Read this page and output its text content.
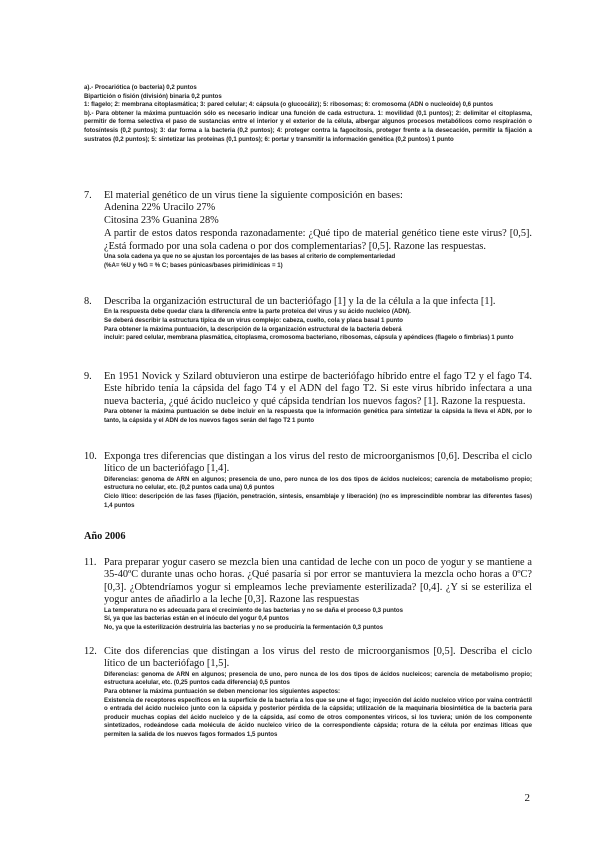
a).- Procariótica (o bacteria) 0,2 puntos

Bipartición o fisión (división) binaria 0,2 puntos

1: flagelo; 2: membrana citoplasmática; 3: pared celular; 4: cápsula (o glucocáliz); 5: ribosomas; 6: cromosoma (ADN o nucleoide) 0,6 puntos

b).- Para obtener la máxima puntuación sólo es necesario indicar una función de cada estructura. 1: movilidad (0,1 puntos); 2: delimitar el citoplasma, permitir de forma selectiva el paso de sustancias entre el interior y el exterior de la célula, albergar algunos procesos metabólicos como respiración o fotosíntesis (0,2 puntos); 3: dar forma a la bacteria (0,2 puntos); 4: proteger contra la fagocitosis, proteger frente a la desecación, permitir la fijación a sustratos (0,2 puntos); 5: sintetizar las proteínas (0,1 puntos); 6: portar y transmitir la información genética (0,2 puntos) 1 punto

7.	El material genético de un virus tiene la siguiente composición en bases:

Adenina 22% Uracilo 27%

Citosina 23% Guanina 28%

A partir de estos datos responda razonadamente: ¿Qué tipo de material genético tiene este virus? [0,5]. ¿Está formado por una sola cadena o por dos complementarias? [0,5]. Razone las respuestas.

Una sola cadena ya que no se ajustan los porcentajes de las bases al criterio de complementariedad

(%A= %U y %G = % C; bases púnicas/bases pirimidínicas = 1)

8.	Describa la organización estructural de un bacteriófago [1] y la de la célula a la que infecta [1].

En la respuesta debe quedar clara la diferencia entre la parte proteica del virus y su ácido nucleico (ADN).

Se deberá describir la estructura típica de un virus complejo: cabeza, cuello, cola y placa basal 1 punto

Para obtener la máxima puntuación, la descripción de la organización estructural de la bacteria deberá

incluir: pared celular, membrana plasmática, citoplasma, cromosoma bacteriano, ribosomas, cápsula y apéndices (flagelo o fimbrias) 1 punto

9.	En 1951 Novick y Szilard obtuvieron una estirpe de bacteriófago híbrido entre el fago T2 y el fago T4. Este híbrido tenía la cápsida del fago T4 y el ADN del fago T2. Si este virus híbrido infectara a una nueva bacteria, ¿qué ácido nucleico y qué cápsida tendrían los nuevos fagos? [1]. Razone la respuesta.

Para obtener la máxima puntuación se debe incluir en la respuesta que la información genética para sintetizar la cápsida la lleva el ADN, por lo tanto, la cápsida y el ADN de los nuevos fagos serán del fago T2 1 punto

10. Exponga tres diferencias que distingan a los virus del resto de microorganismos [0,6]. Describa el ciclo lítico de un bacteriófago [1,4].

Diferencias: genoma de ARN en algunos; presencia de uno, pero nunca de los dos tipos de ácidos nucleicos; carencia de metabolismo propio; estructura no celular, etc. (0,2 puntos cada una) 0,6 puntos

Ciclo lítico: descripción de las fases (fijación, penetración, síntesis, ensamblaje y liberación) (no es imprescindible nombrar las diferentes fases) 1,4 puntos

Año 2006
11. Para preparar yogur casero se mezcla bien una cantidad de leche con un poco de yogur y se mantiene a 35-40ºC durante unas ocho horas. ¿Qué pasaría si por error se mantuviera la mezcla ocho horas a 0ºC? [0,3]. ¿Obtendríamos yogur si empleamos leche previamente esterilizada? [0,4]. ¿Y si se esteriliza el yogur antes de añadirlo a la leche [0,3]. Razone las respuestas

La temperatura no es adecuada para el crecimiento de las bacterias y no se daña el proceso 0,3 puntos

Sí, ya que las bacterias están en el inóculo del yogur 0,4 puntos

No, ya que la esterilización destruiría las bacterias y no se produciría la fermentación 0,3 puntos

12. Cite dos diferencias que distingan a los virus del resto de microorganismos [0,5]. Describa el ciclo lítico de un bacteriófago [1,5].

Diferencias: genoma de ARN en algunos; presencia de uno, pero nunca de los dos tipos de ácidos nucleicos; carencia de metabolismo propio; estructura acelular, etc. (0,25 puntos cada diferencia) 0,5 puntos

Para obtener la máxima puntuación se deben mencionar los siguientes aspectos:

Existencia de receptores específicos en la superficie de la bacteria a los que se une el fago; inyección del ácido nucleico vírico por vaina contráctil o entrada del ácido nucleico junto con la cápsida y posterior pérdida de la cápsida; utilización de la maquinaria biosintética de la bacteria para producir muchas copias del ácido nucleico y de la cápsida, así como de otros componentes víricos, si los tuviera; unión de los componente sintetizados, rodeándose cada molécula de ácido nucleico vírico de la correspondiente cápsida; rotura de la célula por enzimas líticas que permiten la salida de los nuevos fagos formados 1,5 puntos

2
